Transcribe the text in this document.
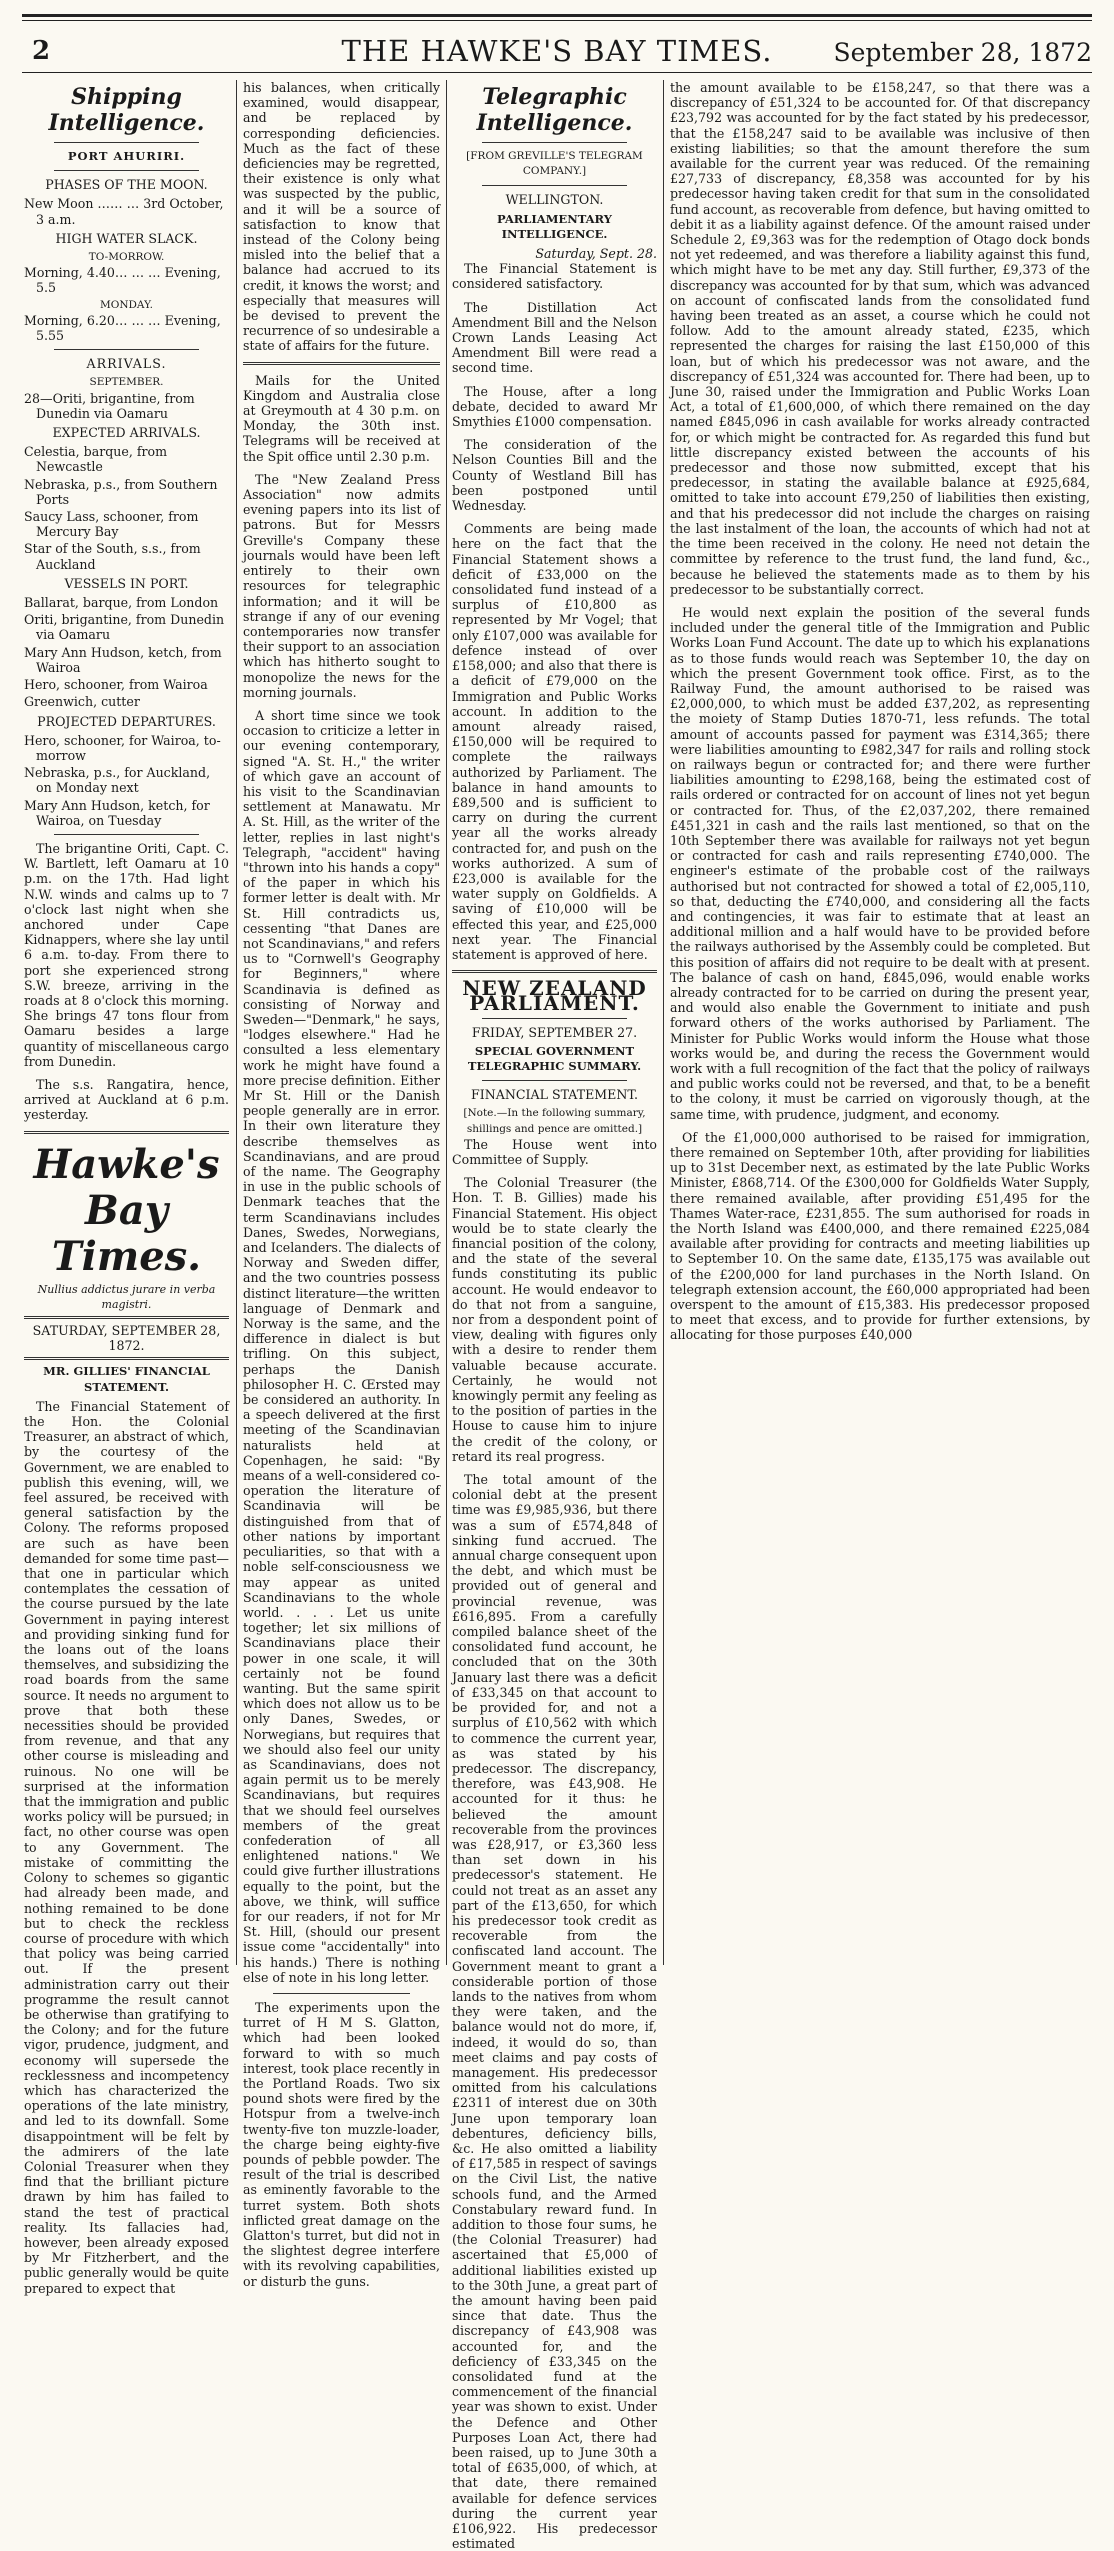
2	THE HAWKE'S BAY TIMES.	September 28, 1872
Shipping Intelligence.
PORT AHURIRI.
PHASES OF THE MOON.
New Moon …… … 3rd October, 3 a.m.
HIGH WATER SLACK.
TO-MORROW.
Morning, 4.40… … … Evening, 5.5
MONDAY.
Morning, 6.20… … … Evening, 5.55
ARRIVALS.
SEPTEMBER.
28—Oriti, brigantine, from Dunedin via Oamaru
EXPECTED ARRIVALS.
Celestia, barque, from Newcastle
Nebraska, p.s., from Southern Ports
Saucy Lass, schooner, from Mercury Bay
Star of the South, s.s., from Auckland
VESSELS IN PORT.
Ballarat, barque, from London
Oriti, brigantine, from Dunedin via Oamaru
Mary Ann Hudson, ketch, from Wairoa
Hero, schooner, from Wairoa
Greenwich, cutter
PROJECTED DEPARTURES.
Hero, schooner, for Wairoa, to-morrow
Nebraska, p.s., for Auckland, on Monday next
Mary Ann Hudson, ketch, for Wairoa, on Tuesday

The brigantine Oriti, Capt. C. W. Bartlett, left Oamaru at 10 p.m. on the 17th. Had light N.W. winds and calms up to 7 o'clock last night when she anchored under Cape Kidnappers, where she lay until 6 a.m. to-day. From there to port she experienced strong S.W. breeze, arriving in the roads at 8 o'clock this morning. She brings 47 tons flour from Oamaru besides a large quantity of miscellaneous cargo from Dunedin.

The s.s. Rangatira, hence, arrived at Auckland at 6 p.m. yesterday.

Hawke's Bay Times.
Nullius addictus jurare in verba magistri.
SATURDAY, SEPTEMBER 28, 1872.
MR. GILLIES' FINANCIAL STATEMENT.

The Financial Statement of the Hon. the Colonial Treasurer, an abstract of which, by the courtesy of the Government, we are enabled to publish this evening, will, we feel assured, be received with general satisfaction by the Colony. The reforms proposed are such as have been demanded for some time past—that one in particular which contemplates the cessation of the course pursued by the late Government in paying interest and providing sinking fund for the loans out of the loans themselves, and subsidizing the road boards from the same source. It needs no argument to prove that both these necessities should be provided from revenue, and that any other course is misleading and ruinous. No one will be surprised at the information that the immigration and public works policy will be pursued; in fact, no other course was open to any Government. The mistake of committing the Colony to schemes so gigantic had already been made, and nothing remained to be done but to check the reckless course of procedure with which that policy was being carried out. If the present administration carry out their programme the result cannot be otherwise than gratifying to the Colony; and for the future vigor, prudence, judgment, and economy will supersede the recklessness and incompetency which has characterized the operations of the late ministry, and led to its downfall. Some disappointment will be felt by the admirers of the late Colonial Treasurer when they find that the brilliant picture drawn by him has failed to stand the test of practical reality. Its fallacies had, however, been already exposed by Mr Fitzherbert, and the public generally would be quite prepared to expect that

his balances, when critically examined, would disappear, and be replaced by corresponding deficiencies. Much as the fact of these deficiencies may be regretted, their existence is only what was suspected by the public, and it will be a source of satisfaction to know that instead of the Colony being misled into the belief that a balance had accrued to its credit, it knows the worst; and especially that measures will be devised to prevent the recurrence of so undesirable a state of affairs for the future.

Mails for the United Kingdom and Australia close at Greymouth at 4 30 p.m. on Monday, the 30th inst. Telegrams will be received at the Spit office until 2.30 p.m.

The "New Zealand Press Association" now admits evening papers into its list of patrons. But for Messrs Greville's Company these journals would have been left entirely to their own resources for telegraphic information; and it will be strange if any of our evening contemporaries now transfer their support to an association which has hitherto sought to monopolize the news for the morning journals.

A short time since we took occasion to criticize a letter in our evening contemporary, signed "A. St. H.," the writer of which gave an account of his visit to the Scandinavian settlement at Manawatu. Mr A. St. Hill, as the writer of the letter, replies in last night's Telegraph, "accident" having "thrown into his hands a copy" of the paper in which his former letter is dealt with. Mr St. Hill contradicts us, cessenting "that Danes are not Scandinavians," and refers us to "Cornwell's Geography for Beginners," where Scandinavia is defined as consisting of Norway and Sweden—"Denmark," he says, "lodges elsewhere." Had he consulted a less elementary work he might have found a more precise definition. Either Mr St. Hill or the Danish people generally are in error. In their own literature they describe themselves as Scandinavians, and are proud of the name. The Geography in use in the public schools of Denmark teaches that the term Scandinavians includes Danes, Swedes, Norwegians, and Icelanders. The dialects of Norway and Sweden differ, and the two countries possess distinct literature—the written language of Denmark and Norway is the same, and the difference in dialect is but trifling. On this subject, perhaps the Danish philosopher H. C. Œrsted may be considered an authority. In a speech delivered at the first meeting of the Scandinavian naturalists held at Copenhagen, he said: "By means of a well-considered co-operation the literature of Scandinavia will be distinguished from that of other nations by important peculiarities, so that with a noble self-consciousness we may appear as united Scandinavians to the whole world. . . . Let us unite together; let six millions of Scandinavians place their power in one scale, it will certainly not be found wanting. But the same spirit which does not allow us to be only Danes, Swedes, or Norwegians, but requires that we should also feel our unity as Scandinavians, does not again permit us to be merely Scandinavians, but requires that we should feel ourselves members of the great confederation of all enlightened nations." We could give further illustrations equally to the point, but the above, we think, will suffice for our readers, if not for Mr St. Hill, (should our present issue come "accidentally" into his hands.) There is nothing else of note in his long letter.

The experiments upon the turret of H M S. Glatton, which had been looked forward to with so much interest, took place recently in the Portland Roads. Two six pound shots were fired by the Hotspur from a twelve-inch twenty-five ton muzzle-loader, the charge being eighty-five pounds of pebble powder. The result of the trial is described as eminently favorable to the turret system. Both shots inflicted great damage on the Glatton's turret, but did not in the slightest degree interfere with its revolving capabilities, or disturb the guns.

Telegraphic Intelligence.
[FROM GREVILLE'S TELEGRAM COMPANY.]
WELLINGTON.
PARLIAMENTARY INTELLIGENCE.
Saturday, Sept. 28.

The Financial Statement is considered satisfactory.

The Distillation Act Amendment Bill and the Nelson Crown Lands Leasing Act Amendment Bill were read a second time.

The House, after a long debate, decided to award Mr Smythies £1000 compensation.

The consideration of the Nelson Counties Bill and the County of Westland Bill has been postponed until Wednesday.

Comments are being made here on the fact that the Financial Statement shows a deficit of £33,000 on the consolidated fund instead of a surplus of £10,800 as represented by Mr Vogel; that only £107,000 was available for defence instead of over £158,000; and also that there is a deficit of £79,000 on the Immigration and Public Works account. In addition to the amount already raised, £150,000 will be required to complete the railways authorized by Parliament. The balance in hand amounts to £89,500 and is sufficient to carry on during the current year all the works already contracted for, and push on the works authorized. A sum of £23,000 is available for the water supply on Goldfields. A saving of £10,000 will be effected this year, and £25,000 next year. The Financial statement is approved of here.

NEW ZEALAND PARLIAMENT.
FRIDAY, SEPTEMBER 27.
SPECIAL GOVERNMENT TELEGRAPHIC SUMMARY.
FINANCIAL STATEMENT.
[Note.—In the following summary, shillings and pence are omitted.]

The House went into Committee of Supply.

The Colonial Treasurer (the Hon. T. B. Gillies) made his Financial Statement. His object would be to state clearly the financial position of the colony, and the state of the several funds constituting its public account. He would endeavor to do that not from a sanguine, nor from a despondent point of view, dealing with figures only with a desire to render them valuable because accurate. Certainly, he would not knowingly permit any feeling as to the position of parties in the House to cause him to injure the credit of the colony, or retard its real progress.

The total amount of the colonial debt at the present time was £9,985,936, but there was a sum of £574,848 of sinking fund accrued. The annual charge consequent upon the debt, and which must be provided out of general and provincial revenue, was £616,895. From a carefully compiled balance sheet of the consolidated fund account, he concluded that on the 30th January last there was a deficit of £33,345 on that account to be provided for, and not a surplus of £10,562 with which to commence the current year, as was stated by his predecessor. The discrepancy, therefore, was £43,908. He accounted for it thus: he believed the amount recoverable from the provinces was £28,917, or £3,360 less than set down in his predecessor's statement. He could not treat as an asset any part of the £13,650, for which his predecessor took credit as recoverable from the confiscated land account. The Government meant to grant a considerable portion of those lands to the natives from whom they were taken, and the balance would not do more, if, indeed, it would do so, than meet claims and pay costs of management. His predecessor omitted from his calculations £2311 of interest due on 30th June upon temporary loan debentures, deficiency bills, &c. He also omitted a liability of £17,585 in respect of savings on the Civil List, the native schools fund, and the Armed Constabulary reward fund. In addition to those four sums, he (the Colonial Treasurer) had ascertained that £5,000 of additional liabilities existed up to the 30th June, a great part of the amount having been paid since that date. Thus the discrepancy of £43,908 was accounted for, and the deficiency of £33,345 on the consolidated fund at the commencement of the financial year was shown to exist. Under the Defence and Other Purposes Loan Act, there had been raised, up to June 30th a total of £635,000, of which, at that date, there remained available for defence services during the current year £106,922. His predecessor estimated

the amount available to be £158,247, so that there was a discrepancy of £51,324 to be accounted for. Of that discrepancy £23,792 was accounted for by the fact stated by his predecessor, that the £158,247 said to be available was inclusive of then existing liabilities; so that the amount therefore the sum available for the current year was reduced. Of the remaining £27,733 of discrepancy, £8,358 was accounted for by his predecessor having taken credit for that sum in the consolidated fund account, as recoverable from defence, but having omitted to debit it as a liability against defence. Of the amount raised under Schedule 2, £9,363 was for the redemption of Otago dock bonds not yet redeemed, and was therefore a liability against this fund, which might have to be met any day. Still further, £9,373 of the discrepancy was accounted for by that sum, which was advanced on account of confiscated lands from the consolidated fund having been treated as an asset, a course which he could not follow. Add to the amount already stated, £235, which represented the charges for raising the last £150,000 of this loan, but of which his predecessor was not aware, and the discrepancy of £51,324 was accounted for. There had been, up to June 30, raised under the Immigration and Public Works Loan Act, a total of £1,600,000, of which there remained on the day named £845,096 in cash available for works already contracted for, or which might be contracted for. As regarded this fund but little discrepancy existed between the accounts of his predecessor and those now submitted, except that his predecessor, in stating the available balance at £925,684, omitted to take into account £79,250 of liabilities then existing, and that his predecessor did not include the charges on raising the last instalment of the loan, the accounts of which had not at the time been received in the colony. He need not detain the committee by reference to the trust fund, the land fund, &c., because he believed the statements made as to them by his predecessor to be substantially correct.

He would next explain the position of the several funds included under the general title of the Immigration and Public Works Loan Fund Account. The date up to which his explanations as to those funds would reach was September 10, the day on which the present Government took office. First, as to the Railway Fund, the amount authorised to be raised was £2,000,000, to which must be added £37,202, as representing the moiety of Stamp Duties 1870-71, less refunds. The total amount of accounts passed for payment was £314,365; there were liabilities amounting to £982,347 for rails and rolling stock on railways begun or contracted for; and there were further liabilities amounting to £298,168, being the estimated cost of rails ordered or contracted for on account of lines not yet begun or contracted for. Thus, of the £2,037,202, there remained £451,321 in cash and the rails last mentioned, so that on the 10th September there was available for railways not yet begun or contracted for cash and rails representing £740,000. The engineer's estimate of the probable cost of the railways authorised but not contracted for showed a total of £2,005,110, so that, deducting the £740,000, and considering all the facts and contingencies, it was fair to estimate that at least an additional million and a half would have to be provided before the railways authorised by the Assembly could be completed. But this position of affairs did not require to be dealt with at present. The balance of cash on hand, £845,096, would enable works already contracted for to be carried on during the present year, and would also enable the Government to initiate and push forward others of the works authorised by Parliament. The Minister for Public Works would inform the House what those works would be, and during the recess the Government would work with a full recognition of the fact that the policy of railways and public works could not be reversed, and that, to be a benefit to the colony, it must be carried on vigorously though, at the same time, with prudence, judgment, and economy.

Of the £1,000,000 authorised to be raised for immigration, there remained on September 10th, after providing for liabilities up to 31st December next, as estimated by the late Public Works Minister, £868,714. Of the £300,000 for Goldfields Water Supply, there remained available, after providing £51,495 for the Thames Water-race, £231,855. The sum authorised for roads in the North Island was £400,000, and there remained £225,084 available after providing for contracts and meeting liabilities up to September 10. On the same date, £135,175 was available out of the £200,000 for land purchases in the North Island. On telegraph extension account, the £60,000 appropriated had been overspent to the amount of £15,383. His predecessor proposed to meet that excess, and to provide for further extensions, by allocating for those purposes £40,000
